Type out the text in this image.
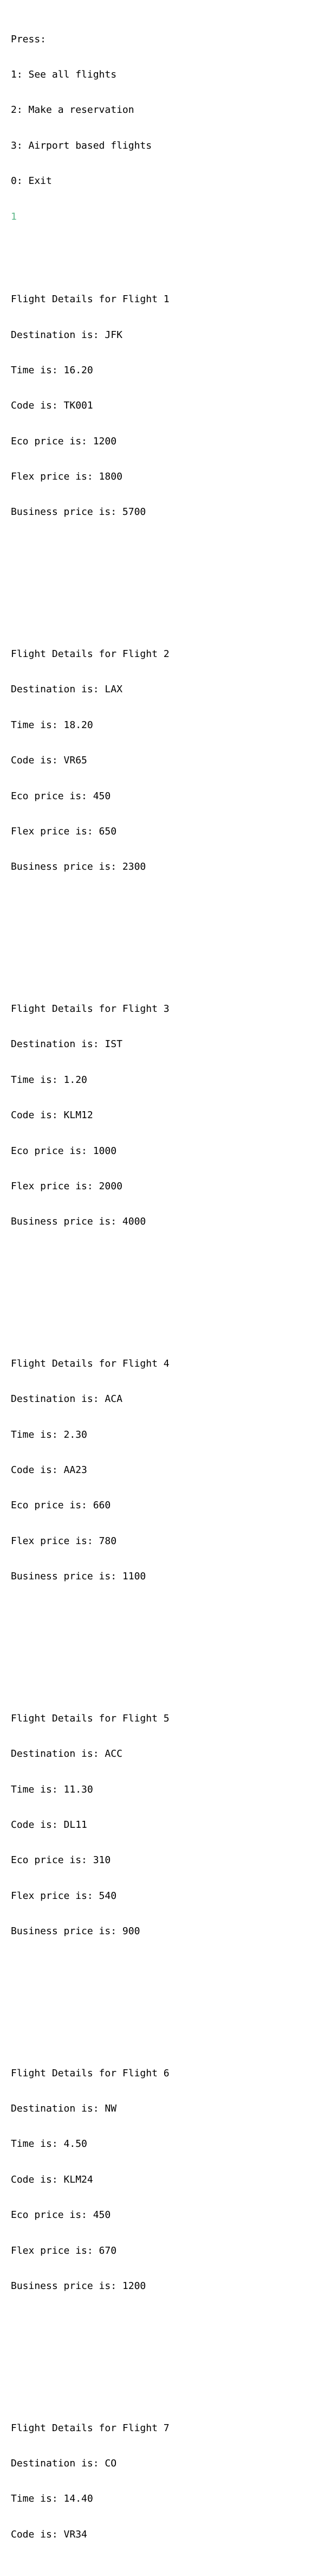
Press:

1: See all flights

2: Make a reservation

3: Airport based flights

0: Exit

1

Flight Details for Flight 1

Destination is: JFK

Time is: 16.20

Code is: TK001

Eco price is: 1200

Flex price is: 1800

Business price is: 5700

Flight Details for Flight 2

Destination is: LAX

Time is: 18.20

Code is: VR65

Eco price is: 450

Flex price is: 650

Business price is: 2300

Flight Details for Flight 3

Destination is: IST

Time is: 1.20

Code is: KLM12

Eco price is: 1000

Flex price is: 2000

Business price is: 4000

Flight Details for Flight 4

Destination is: ACA

Time is: 2.30

Code is: AA23

Eco price is: 660

Flex price is: 780

Business price is: 1100

Flight Details for Flight 5

Destination is: ACC

Time is: 11.30

Code is: DL11

Eco price is: 310

Flex price is: 540

Business price is: 900

Flight Details for Flight 6

Destination is: NW

Time is: 4.50

Code is: KLM24

Eco price is: 450

Flex price is: 670

Business price is: 1200

Flight Details for Flight 7

Destination is: CO

Time is: 14.40

Code is: VR34
